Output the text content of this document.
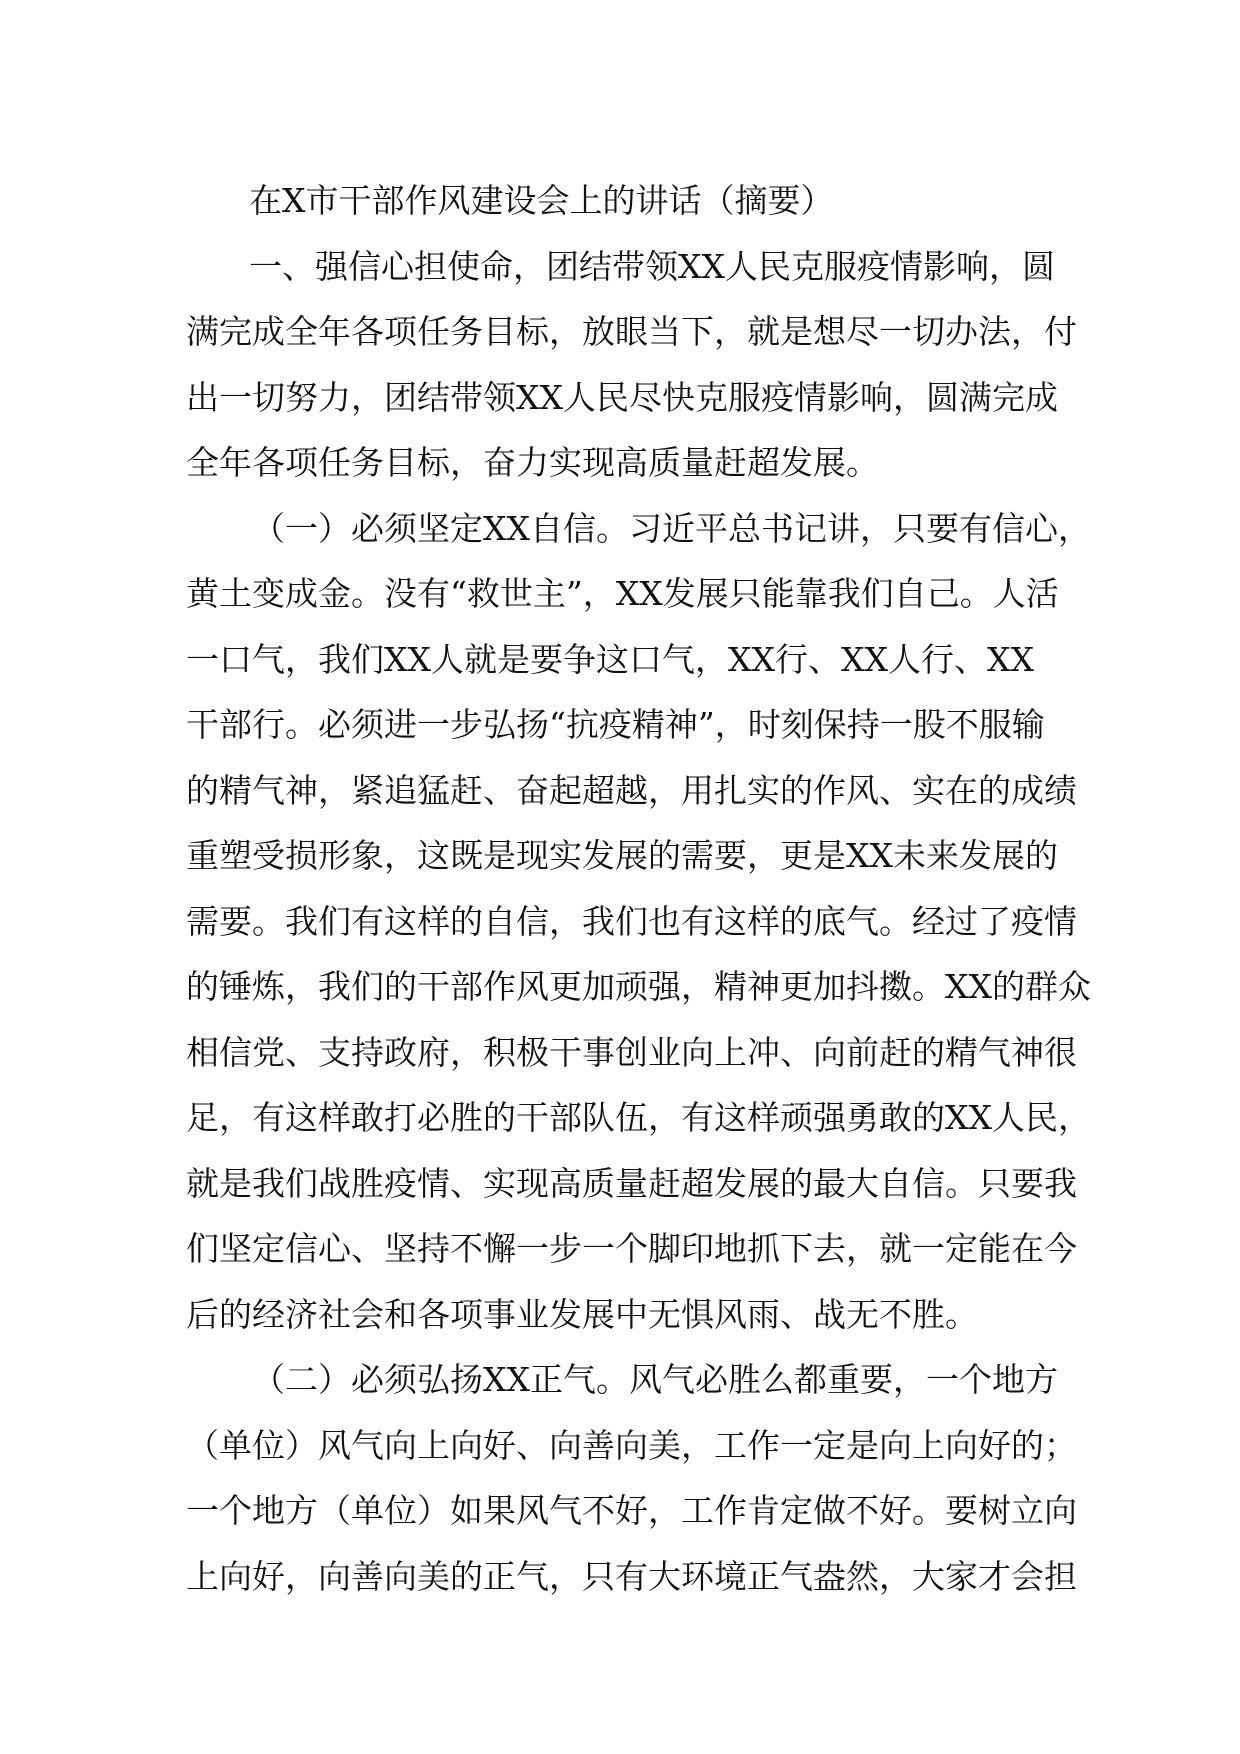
在X市干部作风建设会上的讲话（摘要）
一、强信心担使命，团结带领XX人民克服疫情影响，圆
满完成全年各项任务目标，放眼当下，就是想尽一切办法，付
出一切努力，团结带领XX人民尽快克服疫情影响，圆满完成
全年各项任务目标，奋力实现高质量赶超发展。
（一）必须坚定XX自信。习近平总书记讲，只要有信心，
黄土变成金。没有“救世主”，XX发展只能靠我们自己。人活
一口气，我们XX人就是要争这口气，XX行、XX人行、XX
干部行。必须进一步弘扬“抗疫精神”，时刻保持一股不服输
的精气神，紧追猛赶、奋起超越，用扎实的作风、实在的成绩
重塑受损形象，这既是现实发展的需要，更是XX未来发展的
需要。我们有这样的自信，我们也有这样的底气。经过了疫情
的锤炼，我们的干部作风更加顽强，精神更加抖擞。XX的群众
相信党、支持政府，积极干事创业向上冲、向前赶的精气神很
足，有这样敢打必胜的干部队伍，有这样顽强勇敢的XX人民，
就是我们战胜疫情、实现高质量赶超发展的最大自信。只要我
们坚定信心、坚持不懈一步一个脚印地抓下去，就一定能在今
后的经济社会和各项事业发展中无惧风雨、战无不胜。
（二）必须弘扬XX正气。风气必胜么都重要，一个地方
（单位）风气向上向好、向善向美，工作一定是向上向好的；
一个地方（单位）如果风气不好，工作肯定做不好。要树立向
上向好，向善向美的正气，只有大环境正气盎然，大家才会担
